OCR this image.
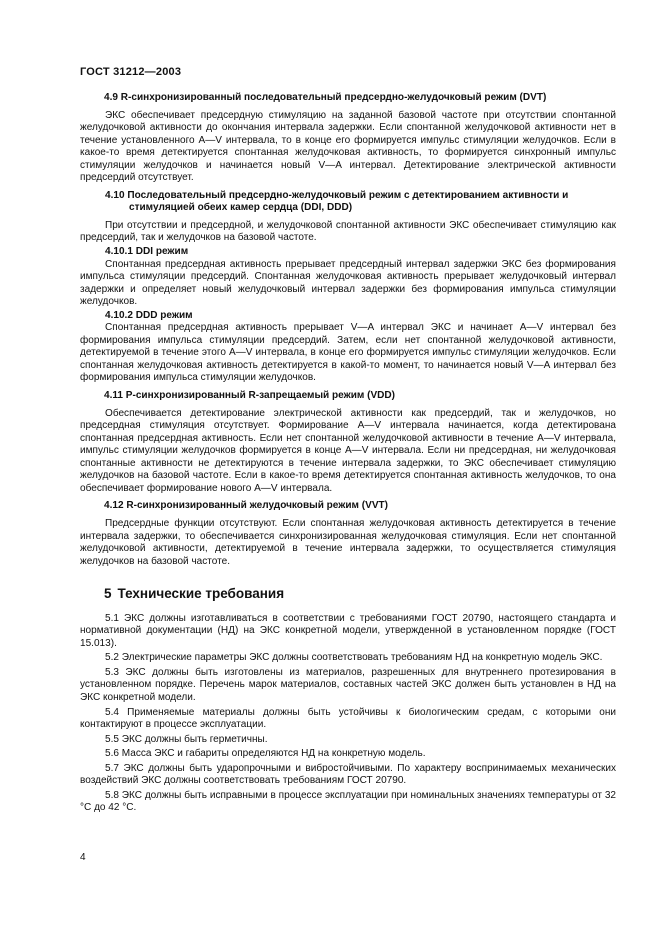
ГОСТ 31212—2003
4.9 R-синхронизированный последовательный предсердно-желудочковый режим (DVT)

ЭКС обеспечивает предсердную стимуляцию на заданной базовой частоте при отсутствии спонтанной желудочковой активности до окончания интервала задержки. Если спонтанной желудочковой активности нет в течение установленного А—V интервала, то в конце его формируется импульс стимуляции желудочков. Если в какое-то время детектируется спонтанная желудочковая активность, то формируется синхронный импульс стимуляции желудочков и начинается новый V—A интервал. Детектирование электрической активности предсердий отсутствует.

4.10 Последовательный предсердно-желудочковый режим с детектированием активности и стимуляцией обеих камер сердца (DDI, DDD)

При отсутствии и предсердной, и желудочковой спонтанной активности ЭКС обеспечивает стимуляцию как предсердий, так и желудочков на базовой частоте.

4.10.1 DDI режим

Спонтанная предсердная активность прерывает предсердный интервал задержки ЭКС без формирования импульса стимуляции предсердий. Спонтанная желудочковая активность прерывает желудочковый интервал задержки и определяет новый желудочковый интервал задержки без формирования импульса стимуляции желудочков.

4.10.2 DDD режим

Спонтанная предсердная активность прерывает V—A интервал ЭКС и начинает А—V интервал без формирования импульса стимуляции предсердий. Затем, если нет спонтанной желудочковой активности, детектируемой в течение этого А—V интервала, в конце его формируется импульс стимуляции желудочков. Если спонтанная желудочковая активность детектируется в какой-то момент, то начинается новый V—A интервал без формирования импульса стимуляции желудочков.

4.11 P-синхронизированный R-запрещаемый режим (VDD)

Обеспечивается детектирование электрической активности как предсердий, так и желудочков, но предсердная стимуляция отсутствует. Формирование А—V интервала начинается, когда детектирована спонтанная предсердная активность. Если нет спонтанной желудочковой активности в течение А—V интервала, импульс стимуляции желудочков формируется в конце А—V интервала. Если ни предсердная, ни желудочковая спонтанные активности не детектируются в течение интервала задержки, то ЭКС обеспечивает стимуляцию желудочков на базовой частоте. Если в какое-то время детектируется спонтанная активность желудочков, то она обеспечивает формирование нового А—V интервала.

4.12 R-синхронизированный желудочковый режим (VVT)

Предсердные функции отсутствуют. Если спонтанная желудочковая активность детектируется в течение интервала задержки, то обеспечивается синхронизированная желудочковая стимуляция. Если нет спонтанной желудочковой активности, детектируемой в течение интервала задержки, то осуществляется стимуляция желудочков на базовой частоте.

5 Технические требования

5.1 ЭКС должны изготавливаться в соответствии с требованиями ГОСТ 20790, настоящего стандарта и нормативной документации (НД) на ЭКС конкретной модели, утвержденной в установленном порядке (ГОСТ 15.013).

5.2 Электрические параметры ЭКС должны соответствовать требованиям НД на конкретную модель ЭКС.

5.3 ЭКС должны быть изготовлены из материалов, разрешенных для внутреннего протезирования в установленном порядке. Перечень марок материалов, составных частей ЭКС должен быть установлен в НД на ЭКС конкретной модели.

5.4 Применяемые материалы должны быть устойчивы к биологическим средам, с которыми они контактируют в процессе эксплуатации.

5.5 ЭКС должны быть герметичны.

5.6 Масса ЭКС и габариты определяются НД на конкретную модель.

5.7 ЭКС должны быть ударопрочными и вибростойчивыми. По характеру воспринимаемых механических воздействий ЭКС должны соответствовать требованиям ГОСТ 20790.

5.8 ЭКС должны быть исправными в процессе эксплуатации при номинальных значениях температуры от 32 °С до 42 °С.

4
